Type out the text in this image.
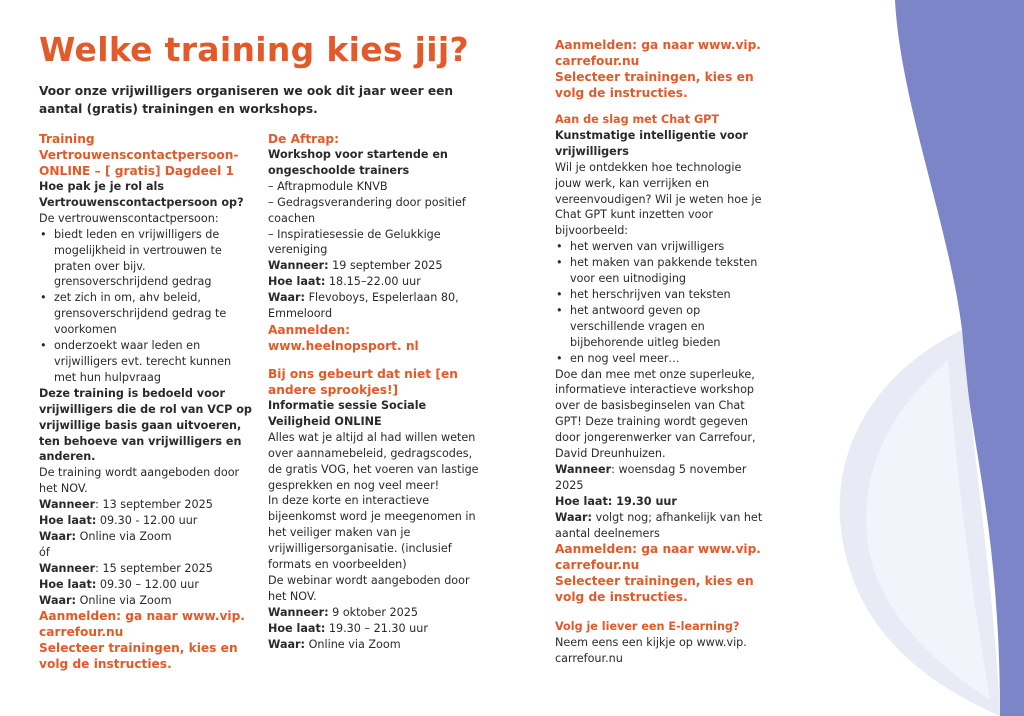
Welke training kies jij?

Voor onze vrijwilligers organiseren we ook dit jaar weer een aantal (gratis) trainingen en workshops.

Training Vertrouwenscontactpersoon-ONLINE – [ gratis] Dagdeel 1

Hoe pak je je rol als Vertrouwenscontactpersoon op?

De vertrouwenscontactpersoon:

• biedt leden en vrijwilligers de mogelijkheid in vertrouwen te praten over bijv. grensoverschrijdend gedrag
• zet zich in om, ahv beleid, grensoverschrijdend gedrag te voorkomen
• onderzoekt waar leden en vrijwilligers evt. terecht kunnen met hun hulpvraag

Deze training is bedoeld voor vrijwilligers die de rol van VCP op vrijwillige basis gaan uitvoeren, ten behoeve van vrijwilligers en anderen.

De training wordt aangeboden door het NOV.

Wanneer: 13 september 2025

Hoe laat: 09.30 - 12.00 uur

Waar: Online via Zoom

óf

Wanneer: 15 september 2025

Hoe laat: 09.30 – 12.00 uur

Waar: Online via Zoom

Aanmelden: ga naar www.vip. carrefour.nu

Selecteer trainingen, kies en volg de instructies.

De Aftrap:

Workshop voor startende en ongeschoolde trainers

– Aftrapmodule KNVB

– Gedragsverandering door positief coachen

– Inspiratiesessie de Gelukkige vereniging

Wanneer: 19 september 2025

Hoe laat: 18.15–22.00 uur

Waar: Flevoboys, Espelerlaan 80, Emmeloord

Aanmelden: www.heelnopsport. nl

Bij ons gebeurt dat niet [en andere sprookjes!]

Informatie sessie Sociale Veiligheid ONLINE

Alles wat je altijd al had willen weten over aannamebeleid, gedragscodes, de gratis VOG, het voeren van lastige gesprekken en nog veel meer!

In deze korte en interactieve bijeenkomst word je meegenomen in het veiliger maken van je vrijwilligersorganisatie. (inclusief formats en voorbeelden)

De webinar wordt aangeboden door het NOV.

Wanneer: 9 oktober 2025

Hoe laat: 19.30 – 21.30 uur

Waar: Online via Zoom

Aanmelden: ga naar www.vip. carrefour.nu

Selecteer trainingen, kies en volg de instructies.

Aan de slag met Chat GPT

Kunstmatige intelligentie voor vrijwilligers

Wil je ontdekken hoe technologie jouw werk, kan verrijken en vereenvoudigen? Wil je weten hoe je Chat GPT kunt inzetten voor bijvoorbeeld:

• het werven van vrijwilligers
• het maken van pakkende teksten voor een uitnodiging
• het herschrijven van teksten
• het antwoord geven op verschillende vragen en bijbehorende uitleg bieden
• en nog veel meer…

Doe dan mee met onze superleuke, informatieve interactieve workshop over de basisbeginselen van Chat GPT! Deze training wordt gegeven door jongerenwerker van Carrefour, David Dreunhuizen.

Wanneer: woensdag 5 november 2025

Hoe laat: 19.30 uur

Waar: volgt nog; afhankelijk van het aantal deelnemers

Aanmelden: ga naar www.vip. carrefour.nu

Selecteer trainingen, kies en volg de instructies.

Volg je liever een E-learning?

Neem eens een kijkje op www.vip. carrefour.nu
